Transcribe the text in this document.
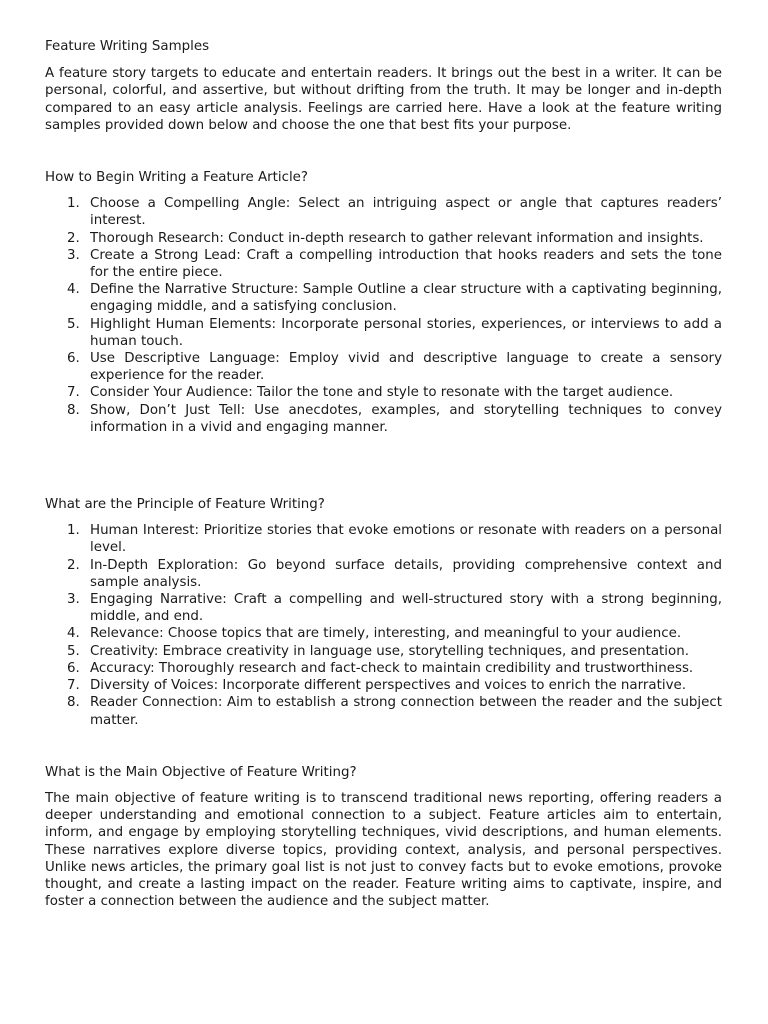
Feature Writing Samples

A feature story targets to educate and entertain readers. It brings out the best in a writer. It can be personal, colorful, and assertive, but without drifting from the truth. It may be longer and in-depth compared to an easy article analysis. Feelings are carried here. Have a look at the feature writing samples provided down below and choose the one that best fits your purpose.

How to Begin Writing a Feature Article?

1. Choose a Compelling Angle: Select an intriguing aspect or angle that captures readers’ interest.
2. Thorough Research: Conduct in-depth research to gather relevant information and insights.
3. Create a Strong Lead: Craft a compelling introduction that hooks readers and sets the tone for the entire piece.
4. Define the Narrative Structure: Sample Outline a clear structure with a captivating beginning, engaging middle, and a satisfying conclusion.
5. Highlight Human Elements: Incorporate personal stories, experiences, or interviews to add a human touch.
6. Use Descriptive Language: Employ vivid and descriptive language to create a sensory experience for the reader.
7. Consider Your Audience: Tailor the tone and style to resonate with the target audience.
8. Show, Don’t Just Tell: Use anecdotes, examples, and storytelling techniques to convey information in a vivid and engaging manner.

What are the Principle of Feature Writing?

1. Human Interest: Prioritize stories that evoke emotions or resonate with readers on a personal level.
2. In-Depth Exploration: Go beyond surface details, providing comprehensive context and sample analysis.
3. Engaging Narrative: Craft a compelling and well-structured story with a strong beginning, middle, and end.
4. Relevance: Choose topics that are timely, interesting, and meaningful to your audience.
5. Creativity: Embrace creativity in language use, storytelling techniques, and presentation.
6. Accuracy: Thoroughly research and fact-check to maintain credibility and trustworthiness.
7. Diversity of Voices: Incorporate different perspectives and voices to enrich the narrative.
8. Reader Connection: Aim to establish a strong connection between the reader and the subject matter.

What is the Main Objective of Feature Writing?

The main objective of feature writing is to transcend traditional news reporting, offering readers a deeper understanding and emotional connection to a subject. Feature articles aim to entertain, inform, and engage by employing storytelling techniques, vivid descriptions, and human elements. These narratives explore diverse topics, providing context, analysis, and personal perspectives. Unlike news articles, the primary goal list is not just to convey facts but to evoke emotions, provoke thought, and create a lasting impact on the reader. Feature writing aims to captivate, inspire, and foster a connection between the audience and the subject matter.
